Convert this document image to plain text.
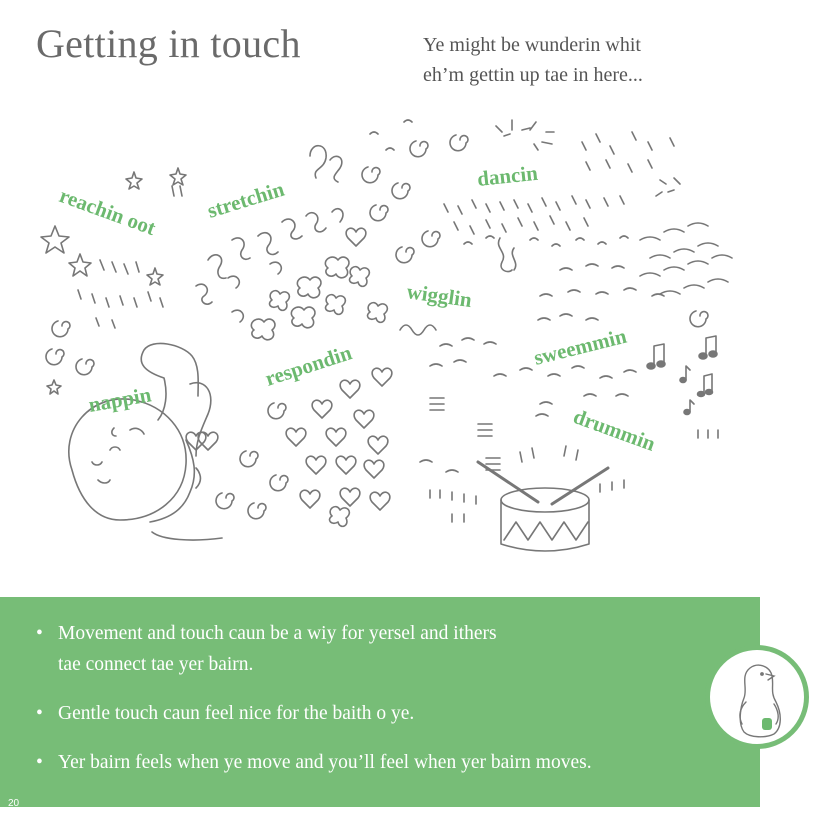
Getting in touch	Ye might be wunderin whit
eh’m gettin up tae in here...
reachin oot stretchin
dancin
wigglin
respondin	sweemmin
nappin
drummin
• Movement and touch caun be a wiy for yersel and ithers
tae connect tae yer bairn.
• Gentle touch caun feel nice for the baith o ye.
• Yer bairn feels when ye move and you’ll feel when yer bairn moves.
20
